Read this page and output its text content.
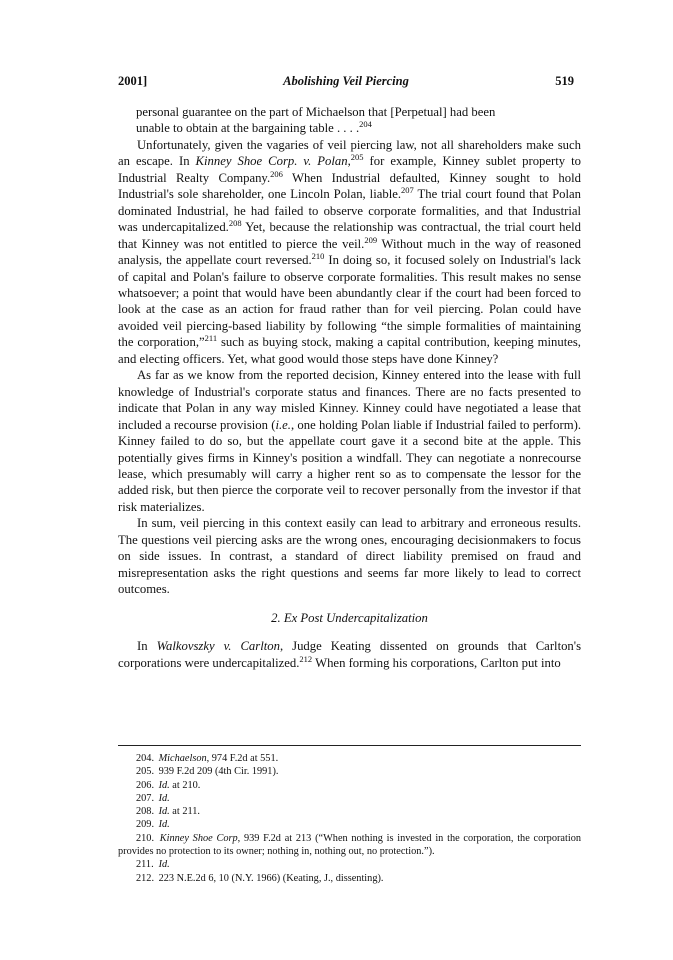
2001]	Abolishing Veil Piercing	519

personal guarantee on the part of Michaelson that [Perpetual] had been unable to obtain at the bargaining table . . . .$^{204}$

Unfortunately, given the vagaries of veil piercing law, not all shareholders make such an escape. In Kinney Shoe Corp. v. Polan,$^{205}$ for example, Kinney sublet property to Industrial Realty Company.$^{206}$ When Industrial defaulted, Kinney sought to hold Industrial's sole shareholder, one Lincoln Polan, liable.$^{207}$ The trial court found that Polan dominated Industrial, he had failed to observe corporate formalities, and that Industrial was undercapitalized.$^{208}$ Yet, because the relationship was contractual, the trial court held that Kinney was not entitled to pierce the veil.$^{209}$ Without much in the way of reasoned analysis, the appellate court reversed.$^{210}$ In doing so, it focused solely on Industrial's lack of capital and Polan's failure to observe corporate formalities. This result makes no sense whatsoever; a point that would have been abundantly clear if the court had been forced to look at the case as an action for fraud rather than for veil piercing. Polan could have avoided veil piercing-based liability by following “the simple formalities of maintaining the corporation,”$^{211}$ such as buying stock, making a capital contribution, keeping minutes, and electing officers. Yet, what good would those steps have done Kinney?

As far as we know from the reported decision, Kinney entered into the lease with full knowledge of Industrial's corporate status and finances. There are no facts presented to indicate that Polan in any way misled Kinney. Kinney could have negotiated a lease that included a recourse provision (i.e., one holding Polan liable if Industrial failed to perform). Kinney failed to do so, but the appellate court gave it a second bite at the apple. This potentially gives firms in Kinney's position a windfall. They can negotiate a nonrecourse lease, which presumably will carry a higher rent so as to compensate the lessor for the added risk, but then pierce the corporate veil to recover personally from the investor if that risk materializes.

In sum, veil piercing in this context easily can lead to arbitrary and erroneous results. The questions veil piercing asks are the wrong ones, encouraging decisionmakers to focus on side issues. In contrast, a standard of direct liability premised on fraud and misrepresentation asks the right questions and seems far more likely to lead to correct outcomes.

2. Ex Post Undercapitalization

In Walkovszky v. Carlton, Judge Keating dissented on grounds that Carlton's corporations were undercapitalized.$^{212}$ When forming his corporations, Carlton put into

204. Michaelson, 974 F.2d at 551.
205. 939 F.2d 209 (4th Cir. 1991).
206. Id. at 210.
207. Id.
208. Id. at 211.
209. Id.
210. Kinney Shoe Corp, 939 F.2d at 213 (“When nothing is invested in the corporation, the corporation provides no protection to its owner; nothing in, nothing out, no protection.”).
211. Id.
212. 223 N.E.2d 6, 10 (N.Y. 1966) (Keating, J., dissenting).
